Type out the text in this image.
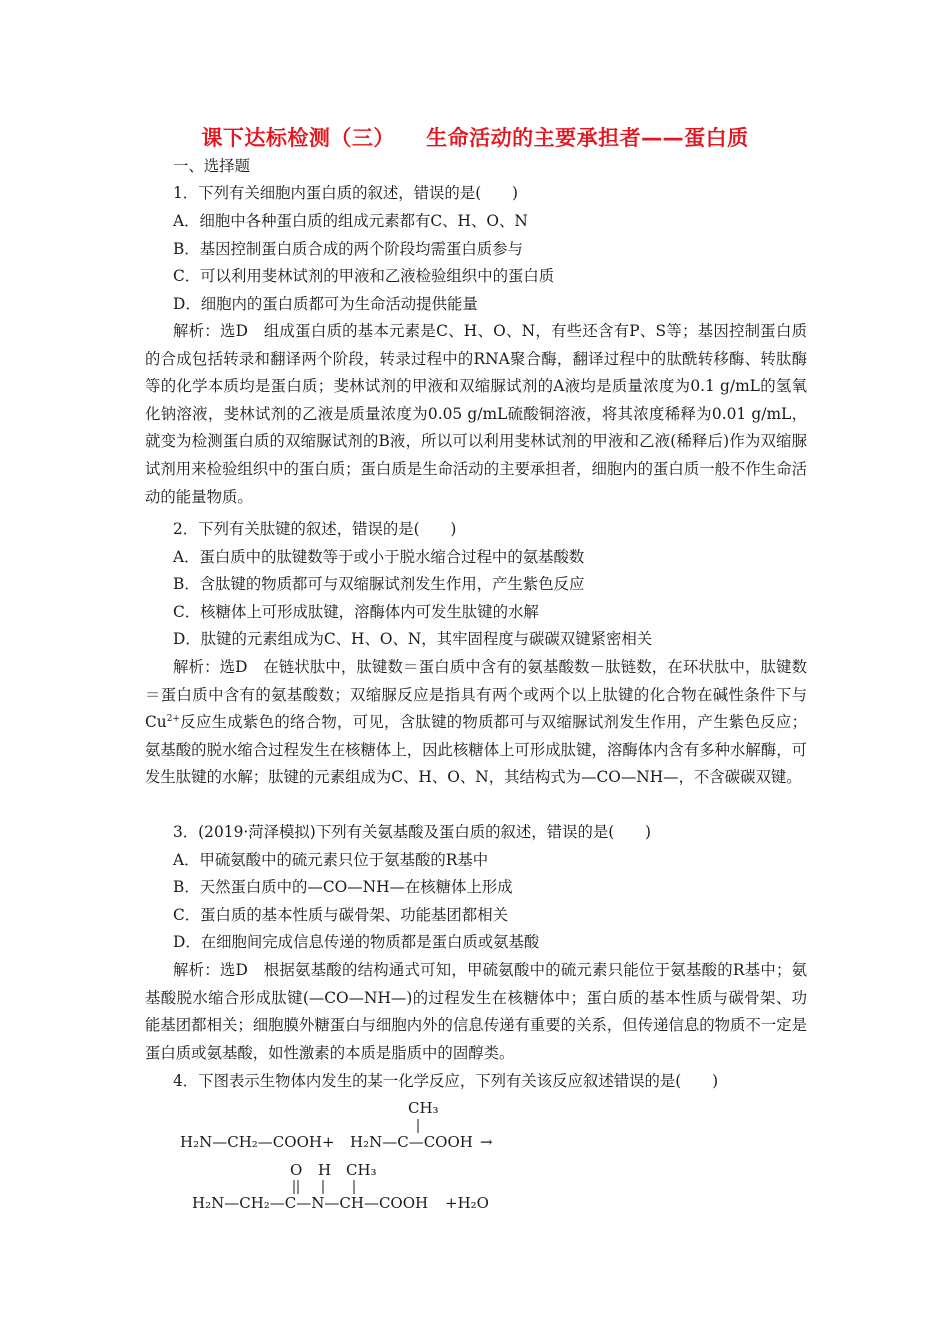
课下达标检测（三）    生命活动的主要承担者——蛋白质
一、选择题
1．下列有关细胞内蛋白质的叙述，错误的是(　　)
A．细胞中各种蛋白质的组成元素都有C、H、O、N
B．基因控制蛋白质合成的两个阶段均需蛋白质参与
C．可以利用斐林试剂的甲液和乙液检验组织中的蛋白质
D．细胞内的蛋白质都可为生命活动提供能量
解析：选D　组成蛋白质的基本元素是C、H、O、N，有些还含有P、S等；基因控制蛋白质的合成包括转录和翻译两个阶段，转录过程中的RNA聚合酶，翻译过程中的肽酰转移酶、转肽酶等的化学本质均是蛋白质；斐林试剂的甲液和双缩脲试剂的A液均是质量浓度为0.1 g/mL的氢氧化钠溶液，斐林试剂的乙液是质量浓度为0.05 g/mL硫酸铜溶液，将其浓度稀释为0.01 g/mL，就变为检测蛋白质的双缩脲试剂的B液，所以可以利用斐林试剂的甲液和乙液(稀释后)作为双缩脲试剂用来检验组织中的蛋白质；蛋白质是生命活动的主要承担者，细胞内的蛋白质一般不作生命活动的能量物质。
2．下列有关肽键的叙述，错误的是(　　)
A．蛋白质中的肽键数等于或小于脱水缩合过程中的氨基酸数
B．含肽键的物质都可与双缩脲试剂发生作用，产生紫色反应
C．核糖体上可形成肽键，溶酶体内可发生肽键的水解
D．肽键的元素组成为C、H、O、N，其牢固程度与碳碳双键紧密相关
解析：选D　在链状肽中，肽键数＝蛋白质中含有的氨基酸数－肽链数，在环状肽中，肽键数＝蛋白质中含有的氨基酸数；双缩脲反应是指具有两个或两个以上肽键的化合物在碱性条件下与$Cu^{2+}$反应生成紫色的络合物，可见，含肽键的物质都可与双缩脲试剂发生作用，产生紫色反应；氨基酸的脱水缩合过程发生在核糖体上，因此核糖体上可形成肽键，溶酶体内含有多种水解酶，可发生肽键的水解；肽键的元素组成为C、H、O、N，其结构式为—CO—NH—，不含碳碳双键。
3．(2019·菏泽模拟)下列有关氨基酸及蛋白质的叙述，错误的是(　　)
A．甲硫氨酸中的硫元素只位于氨基酸的R基中
B．天然蛋白质中的—CO—NH—在核糖体上形成
C．蛋白质的基本性质与碳骨架、功能基团都相关
D．在细胞间完成信息传递的物质都是蛋白质或氨基酸
解析：选D　根据氨基酸的结构通式可知，甲硫氨酸中的硫元素只能位于氨基酸的R基中；氨基酸脱水缩合形成肽键(—CO—NH—)的过程发生在核糖体中；蛋白质的基本性质与碳骨架、功能基团都相关；细胞膜外糖蛋白与细胞内外的信息传递有重要的关系，但传递信息的物质不一定是蛋白质或氨基酸，如性激素的本质是脂质中的固醇类。
4．下图表示生物体内发生的某一化学反应，下列有关该反应叙述错误的是(　　)
CH₃
H₂N—CH₂—COOH+ H₂N—C—COOH →
O H CH₃
H₂N—CH₂—C—N—CH—COOH +H₂O
